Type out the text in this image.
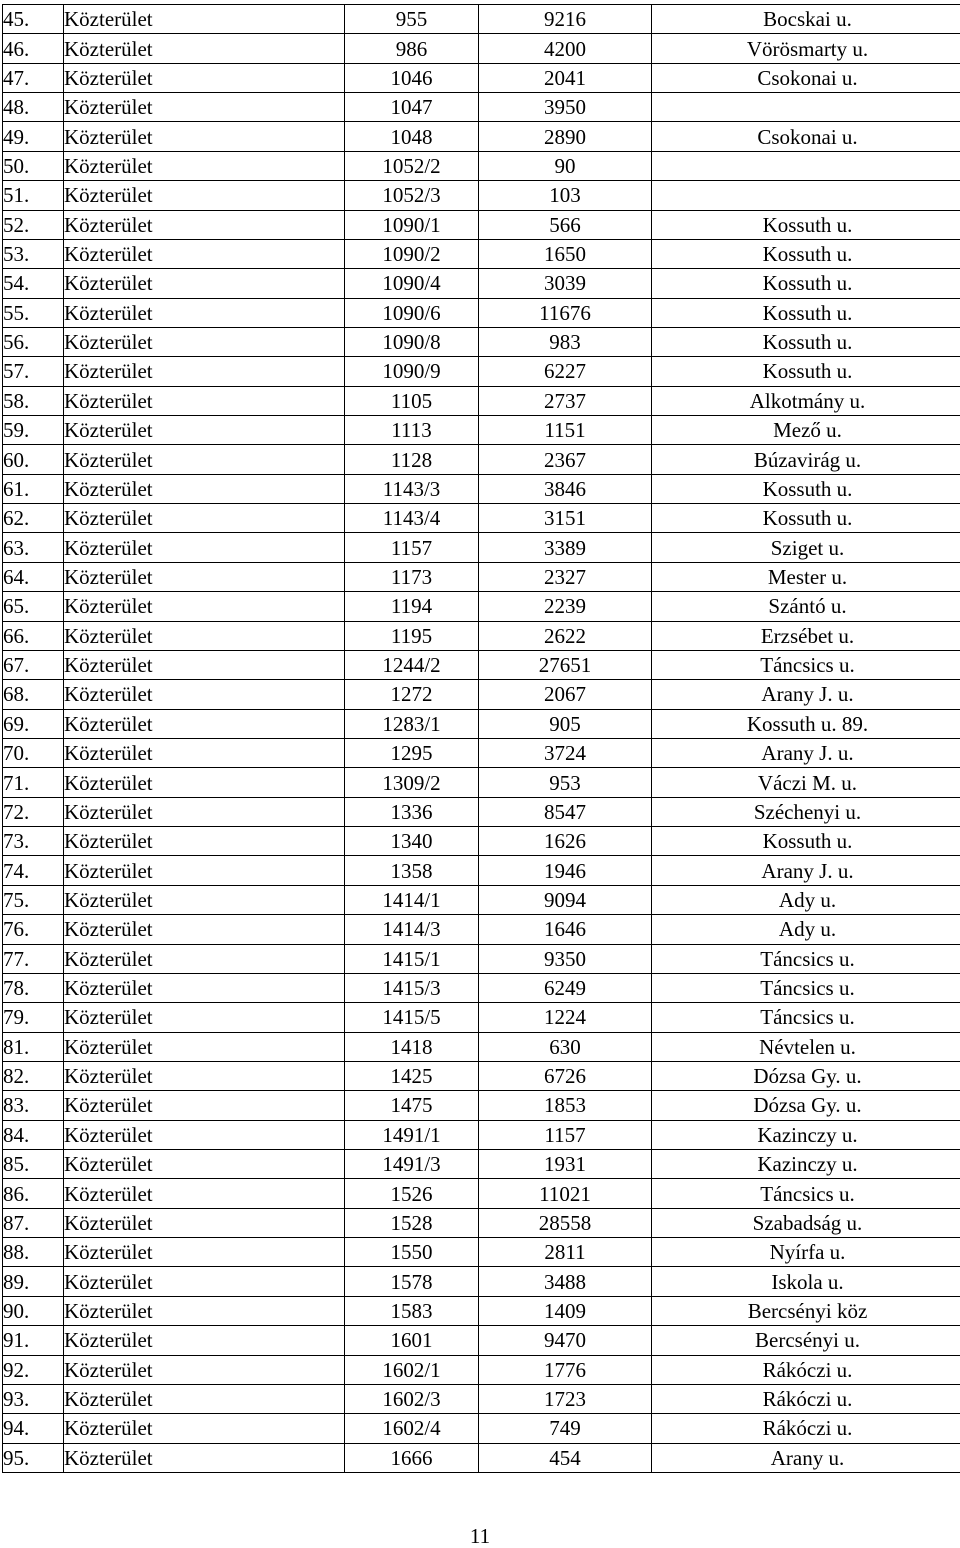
45.	Közterület	955	9216	Bocskai u.
46.	Közterület	986	4200	Vörösmarty u.
47.	Közterület	1046	2041	Csokonai u.
48.	Közterület	1047	3950	
49.	Közterület	1048	2890	Csokonai u.
50.	Közterület	1052/2	90	
51.	Közterület	1052/3	103	
52.	Közterület	1090/1	566	Kossuth u.
53.	Közterület	1090/2	1650	Kossuth u.
54.	Közterület	1090/4	3039	Kossuth u.
55.	Közterület	1090/6	11676	Kossuth u.
56.	Közterület	1090/8	983	Kossuth u.
57.	Közterület	1090/9	6227	Kossuth u.
58.	Közterület	1105	2737	Alkotmány u.
59.	Közterület	1113	1151	Mező u.
60.	Közterület	1128	2367	Búzavirág u.
61.	Közterület	1143/3	3846	Kossuth u.
62.	Közterület	1143/4	3151	Kossuth u.
63.	Közterület	1157	3389	Sziget u.
64.	Közterület	1173	2327	Mester u.
65.	Közterület	1194	2239	Szántó u.
66.	Közterület	1195	2622	Erzsébet u.
67.	Közterület	1244/2	27651	Táncsics u.
68.	Közterület	1272	2067	Arany J. u.
69.	Közterület	1283/1	905	Kossuth u. 89.
70.	Közterület	1295	3724	Arany J. u.
71.	Közterület	1309/2	953	Váczi M. u.
72.	Közterület	1336	8547	Széchenyi u.
73.	Közterület	1340	1626	Kossuth u.
74.	Közterület	1358	1946	Arany J. u.
75.	Közterület	1414/1	9094	Ady u.
76.	Közterület	1414/3	1646	Ady u.
77.	Közterület	1415/1	9350	Táncsics u.
78.	Közterület	1415/3	6249	Táncsics u.
79.	Közterület	1415/5	1224	Táncsics u.
81.	Közterület	1418	630	Névtelen u.
82.	Közterület	1425	6726	Dózsa Gy. u.
83.	Közterület	1475	1853	Dózsa Gy. u.
84.	Közterület	1491/1	1157	Kazinczy u.
85.	Közterület	1491/3	1931	Kazinczy u.
86.	Közterület	1526	11021	Táncsics u.
87.	Közterület	1528	28558	Szabadság u.
88.	Közterület	1550	2811	Nyírfa u.
89.	Közterület	1578	3488	Iskola u.
90.	Közterület	1583	1409	Bercsényi köz
91.	Közterület	1601	9470	Bercsényi u.
92.	Közterület	1602/1	1776	Rákóczi u.
93.	Közterület	1602/3	1723	Rákóczi u.
94.	Közterület	1602/4	749	Rákóczi u.
95.	Közterület	1666	454	Arany u.
11
